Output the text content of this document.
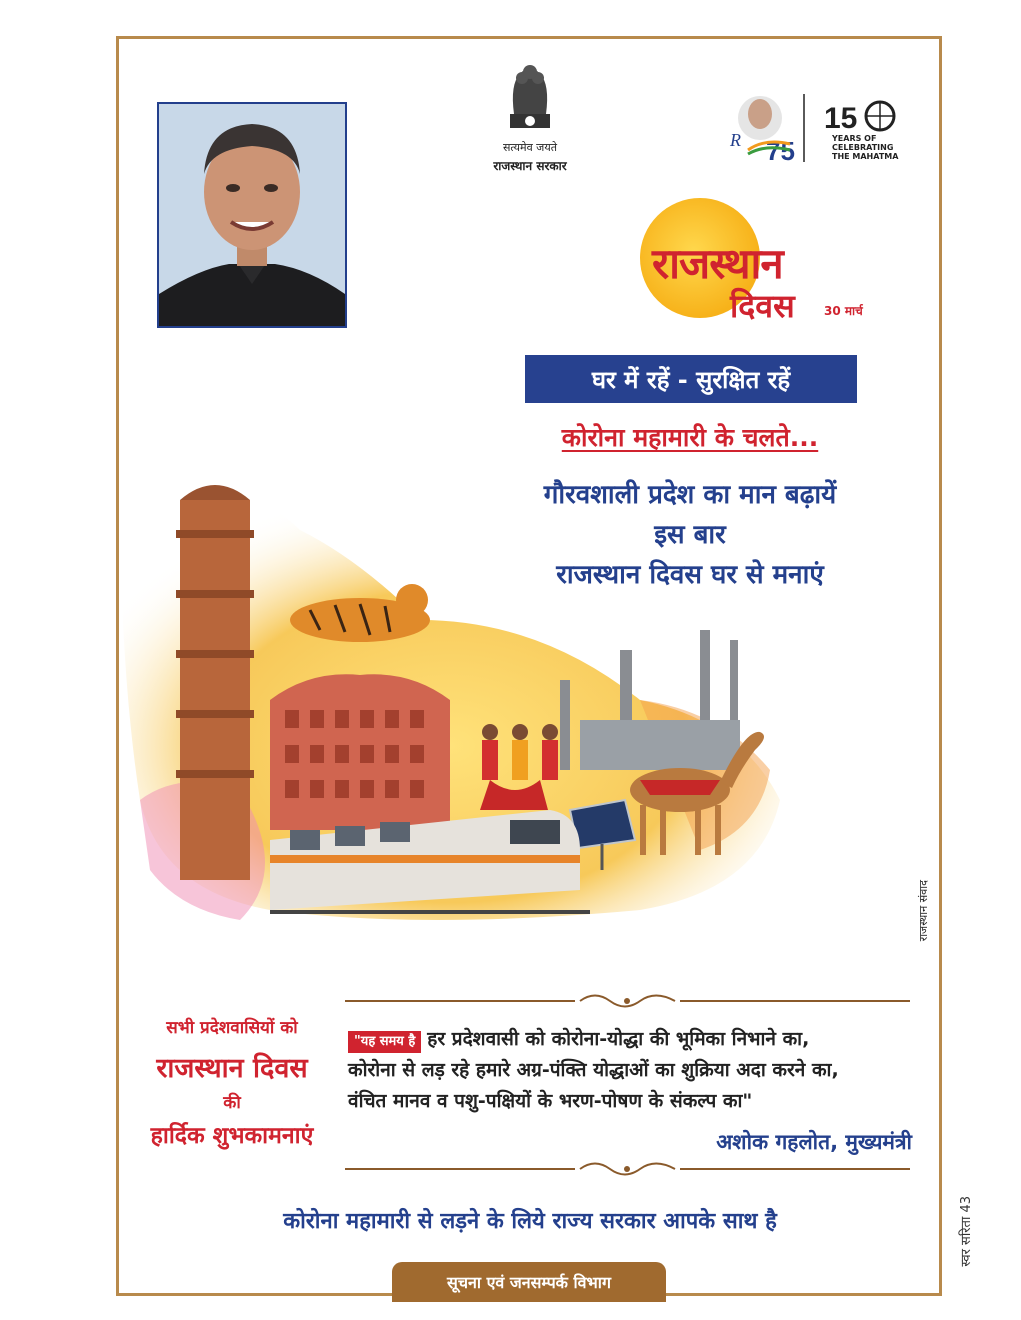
सत्यमेव जयते
राजस्थान सरकार
R 75
15
YEARS OF CELEBRATING THE MAHATMA
राजस्थान
दिवस 30 मार्च
घर में रहें - सुरक्षित रहें
कोरोना महामारी के चलते...
गौरवशाली प्रदेश का मान बढ़ायें
इस बार
राजस्थान दिवस घर से मनाएं
राजस्थान संवाद
सभी प्रदेशवासियों को
राजस्थान दिवस
की
हार्दिक शुभकामनाएं
"यह समय है हर प्रदेशवासी को कोरोना-योद्धा की भूमिका निभाने का,
कोरोना से लड़ रहे हमारे अग्र-पंक्ति योद्धाओं का शुक्रिया अदा करने का,
वंचित मानव व पशु-पक्षियों के भरण-पोषण के संकल्प का"
अशोक गहलोत, मुख्यमंत्री
कोरोना महामारी से लड़ने के लिये राज्य सरकार आपके साथ है
सूचना एवं जनसम्पर्क विभाग
स्वर सरिता 43
